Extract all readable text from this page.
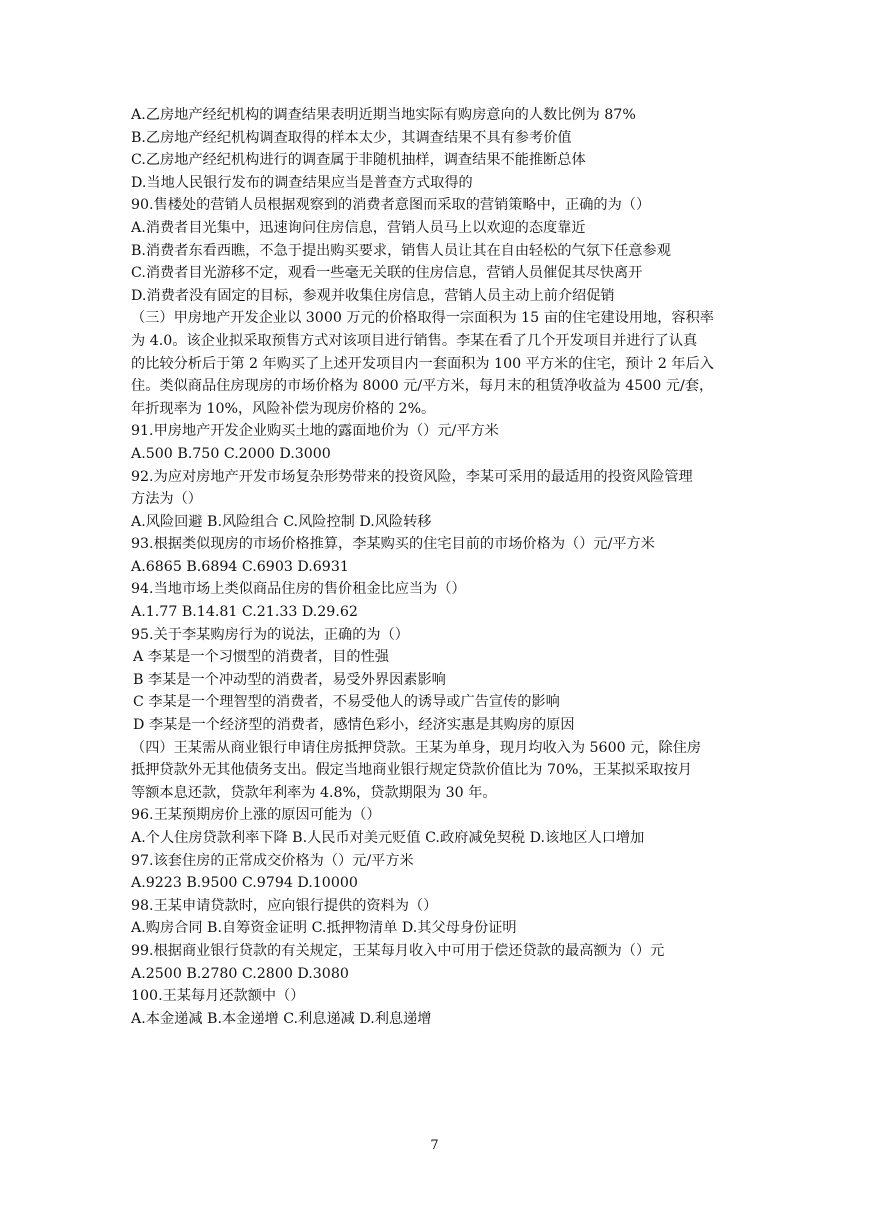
A.乙房地产经纪机构的调查结果表明近期当地实际有购房意向的人数比例为 87%
B.乙房地产经纪机构调查取得的样本太少，其调查结果不具有参考价值
C.乙房地产经纪机构进行的调查属于非随机抽样，调查结果不能推断总体
D.当地人民银行发布的调查结果应当是普查方式取得的
90.售楼处的营销人员根据观察到的消费者意图而采取的营销策略中，正确的为（）
A.消费者目光集中，迅速询问住房信息，营销人员马上以欢迎的态度靠近
B.消费者东看西瞧，不急于提出购买要求，销售人员让其在自由轻松的气氛下任意参观
C.消费者目光游移不定，观看一些毫无关联的住房信息，营销人员催促其尽快离开
D.消费者没有固定的目标，参观并收集住房信息，营销人员主动上前介绍促销
（三）甲房地产开发企业以 3000 万元的价格取得一宗面积为 15 亩的住宅建设用地，容积率
为 4.0。该企业拟采取预售方式对该项目进行销售。李某在看了几个开发项目并进行了认真
的比较分析后于第 2 年购买了上述开发项目内一套面积为 100 平方米的住宅，预计 2 年后入
住。类似商品住房现房的市场价格为 8000 元/平方米，每月末的租赁净收益为 4500 元/套，
年折现率为 10%，风险补偿为现房价格的 2%。
91.甲房地产开发企业购买土地的露面地价为（）元/平方米
A.500 B.750 C.2000 D.3000
92.为应对房地产开发市场复杂形势带来的投资风险，李某可采用的最适用的投资风险管理
方法为（）
A.风险回避 B.风险组合 C.风险控制 D.风险转移
93.根据类似现房的市场价格推算，李某购买的住宅目前的市场价格为（）元/平方米
A.6865 B.6894 C.6903 D.6931
94.当地市场上类似商品住房的售价租金比应当为（）
A.1.77 B.14.81 C.21.33 D.29.62
95.关于李某购房行为的说法，正确的为（）
A 李某是一个习惯型的消费者，目的性强
B 李某是一个冲动型的消费者，易受外界因素影响
C 李某是一个理智型的消费者，不易受他人的诱导或广告宣传的影响
D 李某是一个经济型的消费者，感情色彩小，经济实惠是其购房的原因
（四）王某需从商业银行申请住房抵押贷款。王某为单身，现月均收入为 5600 元，除住房
抵押贷款外无其他债务支出。假定当地商业银行规定贷款价值比为 70%，王某拟采取按月
等额本息还款，贷款年利率为 4.8%，贷款期限为 30 年。
96.王某预期房价上涨的原因可能为（）
A.个人住房贷款利率下降 B.人民币对美元贬值 C.政府减免契税 D.该地区人口增加
97.该套住房的正常成交价格为（）元/平方米
A.9223 B.9500 C.9794 D.10000
98.王某申请贷款时，应向银行提供的资料为（）
A.购房合同 B.自筹资金证明 C.抵押物清单 D.其父母身份证明
99.根据商业银行贷款的有关规定，王某每月收入中可用于偿还贷款的最高额为（）元
A.2500 B.2780 C.2800 D.3080
100.王某每月还款额中（）
A.本金递减 B.本金递增 C.利息递减 D.利息递增
7
